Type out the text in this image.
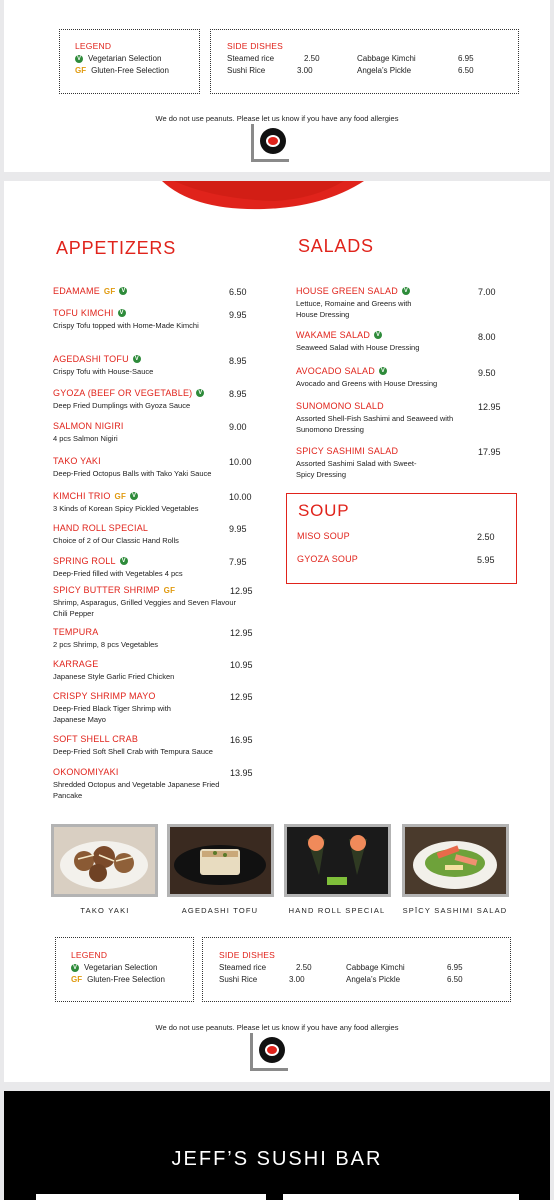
LEGEND
V Vegetarian Selection
GF Gluten-Free Selection
SIDE DISHES
Steamed rice	2.50
Sushi Rice	3.00
Cabbage Kimchi	6.95
Angela’s Pickle	6.50
We do not use peanuts. Please let us know if you have any food allergies
APPETIZERS
EDAMAME GF V	6.50
TOFU KIMCHI V
Crispy Tofu topped with Home-Made Kimchi
9.95
AGEDASHI TOFU V
Crispy Tofu with House-Sauce
8.95
GYOZA (BEEF OR VEGETABLE) V
Deep Fried Dumplings with Gyoza Sauce
8.95
SALMON NIGIRI
4 pcs Salmon Nigiri
9.00
TAKO YAKI
Deep-Fried Octopus Balls with Tako Yaki Sauce
10.00
KIMCHI TRIO GF V
3 Kinds of Korean Spicy Pickled Vegetables
10.00
HAND ROLL SPECIAL
Choice of 2 of Our Classic Hand Rolls
9.95
SPRING ROLL V
Deep-Fried filled with Vegetables 4 pcs
7.95
SPICY BUTTER SHRIMP GF
Shrimp, Asparagus, Grilled Veggies and Seven Flavour Chili Pepper
12.95
TEMPURA
2 pcs Shrimp, 8 pcs Vegetables
12.95
KARRAGE
Japanese Style Garlic Fried Chicken
10.95
CRISPY SHRIMP MAYO
Deep-Fried Black Tiger Shrimp with Japanese Mayo
12.95
SOFT SHELL CRAB
Deep-Fried Soft Shell Crab with Tempura Sauce
16.95
OKONOMIYAKI
Shredded Octopus and Vegetable Japanese Fried Pancake
13.95
SALADS
HOUSE GREEN SALAD V
Lettuce, Romaine and Greens with House Dressing
7.00
WAKAME SALAD V
Seaweed Salad with House Dressing
8.00
AVOCADO SALAD V
Avocado and Greens with House Dressing
9.50
SUNOMONO SLALD
Assorted Shell-Fish Sashimi and Seaweed with Sunomono Dressing
12.95
SPICY SASHIMI SALAD
Assorted Sashimi Salad with Sweet-Spicy Dressing
17.95
SOUP
MISO SOUP	2.50
GYOZA SOUP	5.95
TAKO YAKI	AGEDASHI TOFU	HAND ROLL SPECIAL	SPĪCY SASHIMI SALAD
LEGEND
V Vegetarian Selection
GF Gluten-Free Selection
SIDE DISHES
Steamed rice	2.50
Sushi Rice	3.00
Cabbage Kimchi	6.95
Angela’s Pickle	6.50
We do not use peanuts. Please let us know if you have any food allergies
JEFF’S SUSHI BAR
